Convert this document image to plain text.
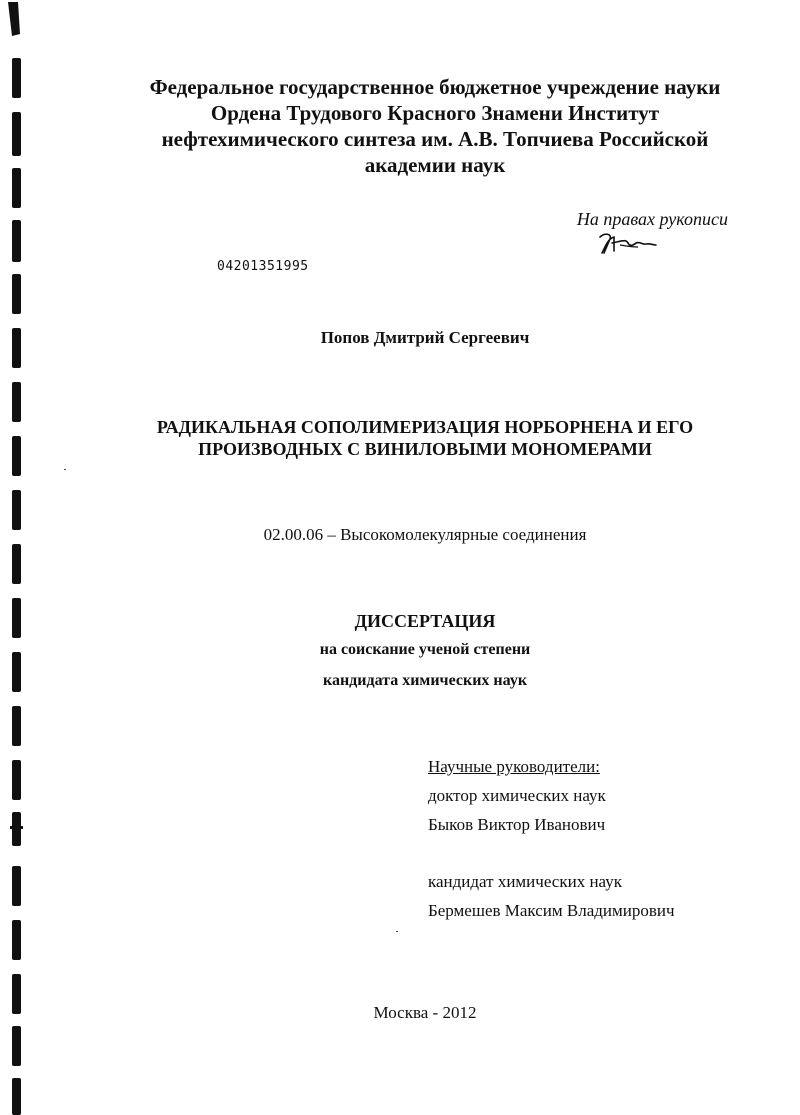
Федеральное государственное бюджетное учреждение науки
Ордена Трудового Красного Знамени Институт
нефтехимического синтеза им. А.В. Топчиева Российской
академии наук
На правах рукописи
04201351995
Попов Дмитрий Сергеевич
РАДИКАЛЬНАЯ СОПОЛИМЕРИЗАЦИЯ НОРБОРНЕНА И ЕГО
ПРОИЗВОДНЫХ С ВИНИЛОВЫМИ МОНОМЕРАМИ
02.00.06 – Высокомолекулярные соединения
ДИССЕРТАЦИЯ
на соискание ученой степени
кандидата химических наук
Научные руководители:
доктор химических наук
Быков Виктор Иванович
кандидат химических наук
Бермешев Максим Владимирович
Москва - 2012
